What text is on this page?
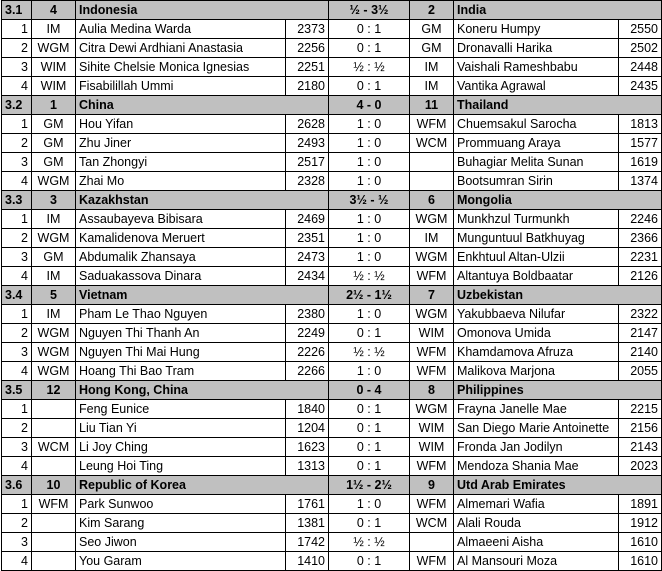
3.1	4	Indonesia		½ - 3½	2	India	
1	IM	Aulia Medina Warda	2373	0 : 1	GM	Koneru Humpy	2550
2	WGM	Citra Dewi Ardhiani Anastasia	2256	0 : 1	GM	Dronavalli Harika	2502
3	WIM	Sihite Chelsie Monica Ignesias	2251	½ : ½	IM	Vaishali Rameshbabu	2448
4	WIM	Fisabilillah Ummi	2180	0 : 1	IM	Vantika Agrawal	2435
3.2	1	China		4 - 0	11	Thailand	
1	GM	Hou Yifan	2628	1 : 0	WFM	Chuemsakul Sarocha	1813
2	GM	Zhu Jiner	2493	1 : 0	WCM	Prommuang Araya	1577
3	GM	Tan Zhongyi	2517	1 : 0		Buhagiar Melita Sunan	1619
4	WGM	Zhai Mo	2328	1 : 0		Bootsumran Sirin	1374
3.3	3	Kazakhstan		3½ - ½	6	Mongolia	
1	IM	Assaubayeva Bibisara	2469	1 : 0	WGM	Munkhzul Turmunkh	2246
2	WGM	Kamalidenova Meruert	2351	1 : 0	IM	Munguntuul Batkhuyag	2366
3	GM	Abdumalik Zhansaya	2473	1 : 0	WGM	Enkhtuul Altan-Ulzii	2231
4	IM	Saduakassova Dinara	2434	½ : ½	WFM	Altantuya Boldbaatar	2126
3.4	5	Vietnam		2½ - 1½	7	Uzbekistan	
1	IM	Pham Le Thao Nguyen	2380	1 : 0	WGM	Yakubbaeva Nilufar	2322
2	WGM	Nguyen Thi Thanh An	2249	0 : 1	WIM	Omonova Umida	2147
3	WGM	Nguyen Thi Mai Hung	2226	½ : ½	WFM	Khamdamova Afruza	2140
4	WGM	Hoang Thi Bao Tram	2266	1 : 0	WFM	Malikova Marjona	2055
3.5	12	Hong Kong, China		0 - 4	8	Philippines	
1		Feng Eunice	1840	0 : 1	WGM	Frayna Janelle Mae	2215
2		Liu Tian Yi	1204	0 : 1	WIM	San Diego Marie Antoinette	2156
3	WCM	Li Joy Ching	1623	0 : 1	WIM	Fronda Jan Jodilyn	2143
4		Leung Hoi Ting	1313	0 : 1	WFM	Mendoza Shania Mae	2023
3.6	10	Republic of Korea		1½ - 2½	9	Utd Arab Emirates	
1	WFM	Park Sunwoo	1761	1 : 0	WFM	Almemari Wafia	1891
2		Kim Sarang	1381	0 : 1	WCM	Alali Rouda	1912
3		Seo Jiwon	1742	½ : ½		Almaeeni Aisha	1610
4		You Garam	1410	0 : 1	WFM	Al Mansouri Moza	1610
